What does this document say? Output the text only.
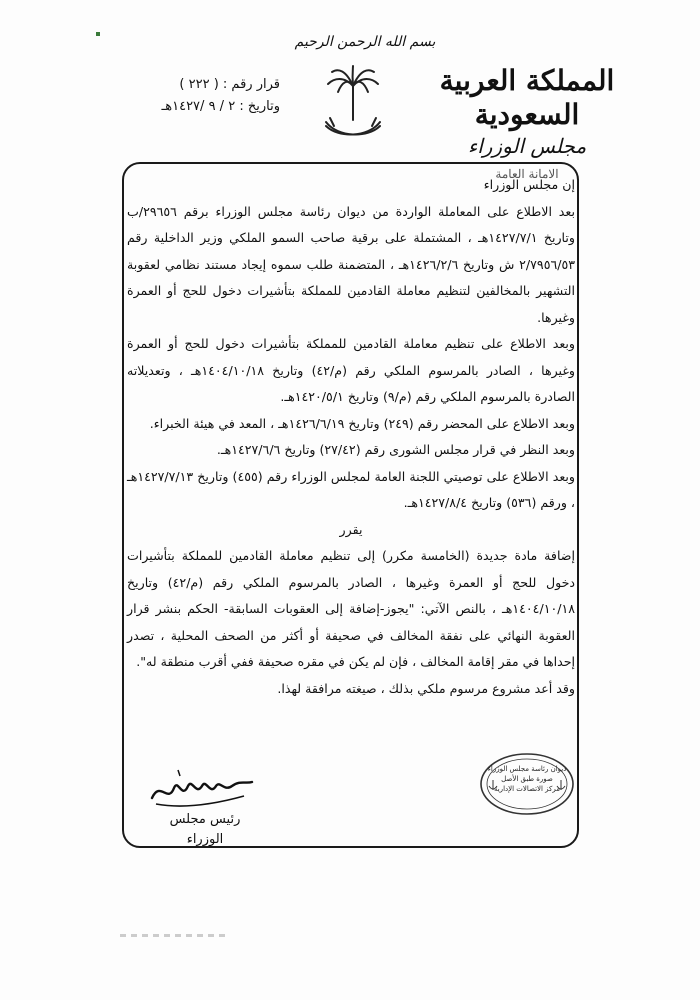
بسم الله الرحمن الرحيم
المملكة العربية السعودية
مجلس الوزراء
الامانة العامة
قرار رقم : ( ٢٢٢ )
وتاريخ : ٢ / ٩ /١٤٢٧هـ

إن مجلس الوزراء

بعد الاطلاع على المعاملة الواردة من ديوان رئاسة مجلس الوزراء برقم ٢٩٦٥٦/ب وتاريخ ١٤٢٧/٧/١هـ ، المشتملة على برقية صاحب السمو الملكي وزير الداخلية رقم ٢/٧٩٥٦/٥٣ ش وتاريخ ١٤٢٦/٢/٦هـ ، المتضمنة طلب سموه إيجاد مستند نظامي لعقوبة التشهير بالمخالفين لتنظيم معاملة القادمين للمملكة بتأشيرات دخول للحج أو العمرة وغيرها.

وبعد الاطلاع على تنظيم معاملة القادمين للمملكة بتأشيرات دخول للحج أو العمرة وغيرها ، الصادر بالمرسوم الملكي رقم (م/٤٢) وتاريخ ١٤٠٤/١٠/١٨هـ ، وتعديلاته الصادرة بالمرسوم الملكي رقم (م/٩) وتاريخ ١٤٢٠/٥/١هـ.

وبعد الاطلاع على المحضر رقم (٢٤٩) وتاريخ ١٤٢٦/٦/١٩هـ ، المعد في هيئة الخبراء.

وبعد النظر في قرار مجلس الشورى رقم (٢٧/٤٢) وتاريخ ١٤٢٧/٦/٦هـ.

وبعد الاطلاع على توصيتي اللجنة العامة لمجلس الوزراء رقم (٤٥٥) وتاريخ ١٤٢٧/٧/١٣هـ ، ورقم (٥٣٦) وتاريخ ١٤٢٧/٨/٤هـ.

يقرر

إضافة مادة جديدة (الخامسة مكرر) إلى تنظيم معاملة القادمين للمملكة بتأشيرات دخول للحج أو العمرة وغيرها ، الصادر بالمرسوم الملكي رقم (م/٤٢) وتاريخ ١٤٠٤/١٠/١٨هـ ، بالنص الآتي: "يجوز-إضافة إلى العقوبات السابقة- الحكم بنشر قرار العقوبة النهائي على نفقة المخالف في صحيفة أو أكثر من الصحف المحلية ، تصدر إحداها في مقر إقامة المخالف ، فإن لم يكن في مقره صحيفة ففي أقرب منطقة له".

وقد أعد مشروع مرسوم ملكي بذلك ، صيغته مرافقة لهذا.

ديوان رئاسة مجلس الوزراء
صورة طبق الأصل
مركز الاتصالات الإدارية
رئيس مجلس الوزراء
